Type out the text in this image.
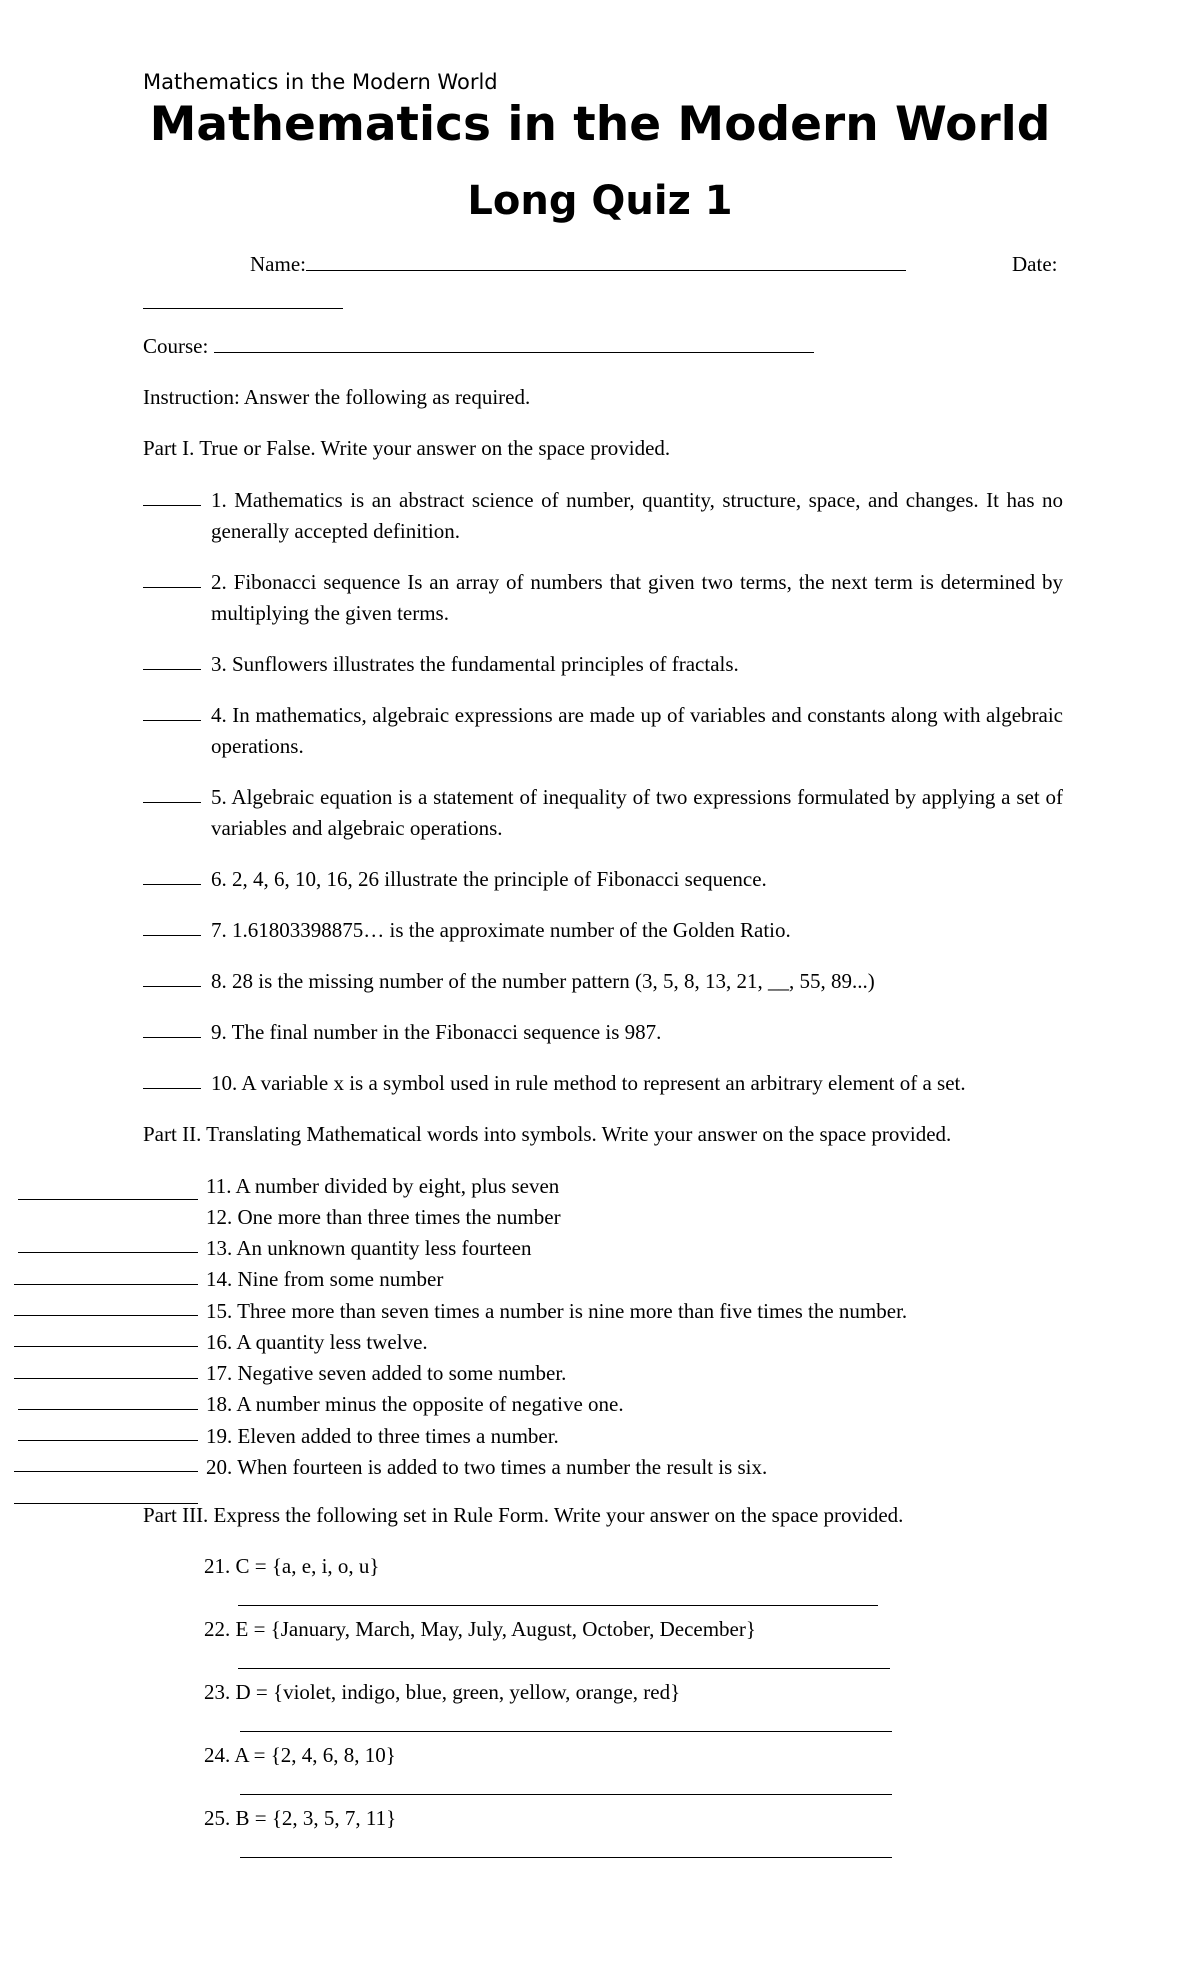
Mathematics in the Modern World
Mathematics in the Modern World
Long Quiz 1
Name:	Date:
Course:
Instruction: Answer the following as required.
Part I. True or False. Write your answer on the space provided.
1. Mathematics is an abstract science of number, quantity, structure, space, and changes. It has no generally accepted definition.
2. Fibonacci sequence Is an array of numbers that given two terms, the next term is determined by multiplying the given terms.
3. Sunflowers illustrates the fundamental principles of fractals.
4. In mathematics, algebraic expressions are made up of variables and constants along with algebraic operations.
5. Algebraic equation is a statement of inequality of two expressions formulated by applying a set of variables and algebraic operations.
6. 2, 4, 6, 10, 16, 26 illustrate the principle of Fibonacci sequence.
7. 1.61803398875… is the approximate number of the Golden Ratio.
8. 28 is the missing number of the number pattern (3, 5, 8, 13, 21, __, 55, 89...)
9. The final number in the Fibonacci sequence is 987.
10. A variable x is a symbol used in rule method to represent an arbitrary element of a set.
Part II. Translating Mathematical words into symbols. Write your answer on the space provided.
11. A number divided by eight, plus seven
12. One more than three times the number
13. An unknown quantity less fourteen
14. Nine from some number
15. Three more than seven times a number is nine more than five times the number.
16. A quantity less twelve.
17. Negative seven added to some number.
18. A number minus the opposite of negative one.
19. Eleven added to three times a number.
20. When fourteen is added to two times a number the result is six.
Part III. Express the following set in Rule Form. Write your answer on the space provided.
21. C = {a, e, i, o, u}
22. E = {January, March, May, July, August, October, December}
23. D = {violet, indigo, blue, green, yellow, orange, red}
24. A = {2, 4, 6, 8, 10}
25. B = {2, 3, 5, 7, 11}
